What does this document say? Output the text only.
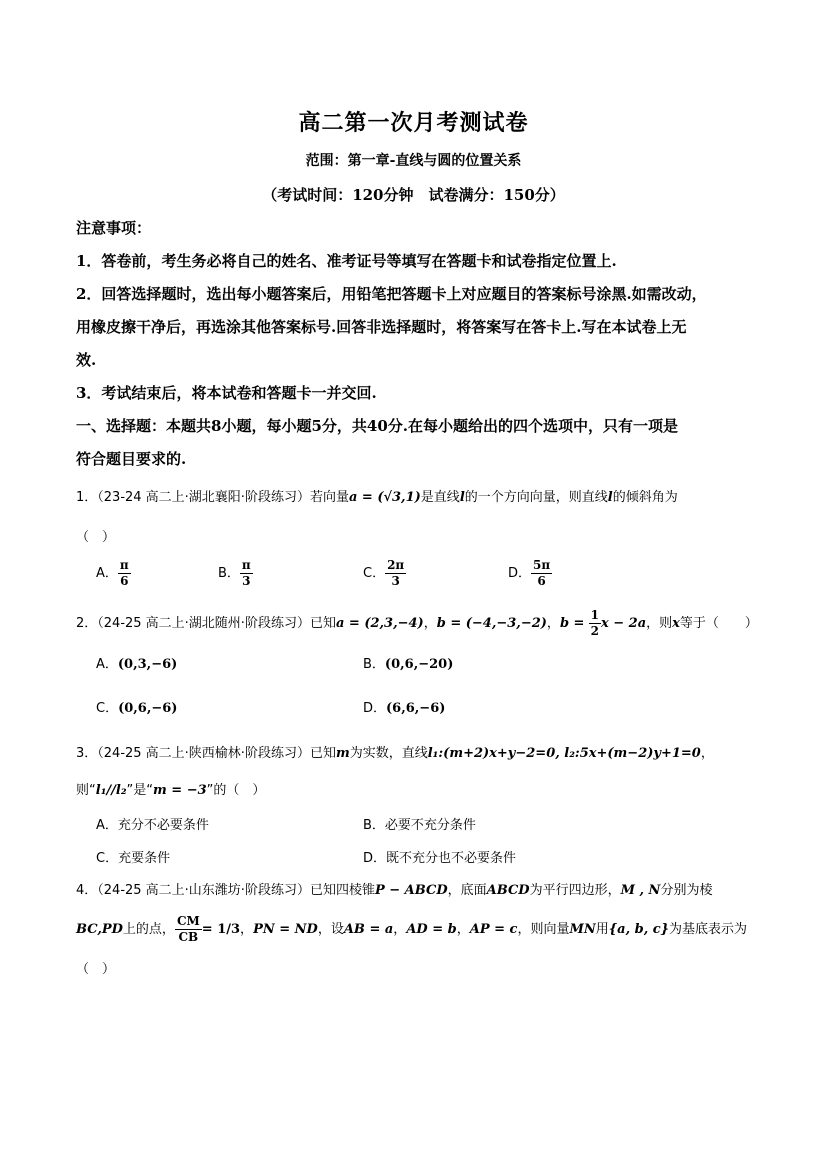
高二第一次月考测试卷
范围：第一章-直线与圆的位置关系
（考试时间：120分钟　试卷满分：150分）
注意事项：
1．答卷前，考生务必将自己的姓名、准考证号等填写在答题卡和试卷指定位置上.
2．回答选择题时，选出每小题答案后，用铅笔把答题卡上对应题目的答案标号涂黑.如需改动，
用橡皮擦干净后，再选涂其他答案标号.回答非选择题时，将答案写在答卡上.写在本试卷上无
效.
3．考试结束后，将本试卷和答题卡一并交回.
一、选择题：本题共8小题，每小题5分，共40分.在每小题给出的四个选项中，只有一项是
符合题目要求的.
1．（23-24 高二上·湖北襄阳·阶段练习）若向量a = (√3,1)是直线l的一个方向向量，则直线l的倾斜角为
（　）
A． $\frac{\pi}{6}$	B． $\frac{\pi}{3}$	C． $\frac{2\pi}{3}$	D． $\frac{5\pi}{6}$
2．（24-25 高二上·湖北随州·阶段练习）已知a = (2,3,−4)，b = (−4,−3,−2)，$b = \frac{1}{2}$ x − 2a，则x等于（　　）
A．(0,3,−6)	B．(0,6,−20)
C．(0,6,−6)	D．(6,6,−6)
3．（24-25 高二上·陕西榆林·阶段练习）已知m为实数，直线l₁:(m+2)x+y−2=0, l₂:5x+(m−2)y+1=0，
则“l₁//l₂”是“m = −3”的（　）
A．充分不必要条件	B．必要不充分条件
C．充要条件	D．既不充分也不必要条件
4．（24-25 高二上·山东潍坊·阶段练习）已知四棱锥P − ABCD，底面ABCD为平行四边形，M , N分别为棱
BC,PD上的点， $\frac{CM}{CB} = 1/3$，PN = ND，设AB = a，AD = b，AP = c，则向量MN用{a, b, c}为基底表示为
（　）
